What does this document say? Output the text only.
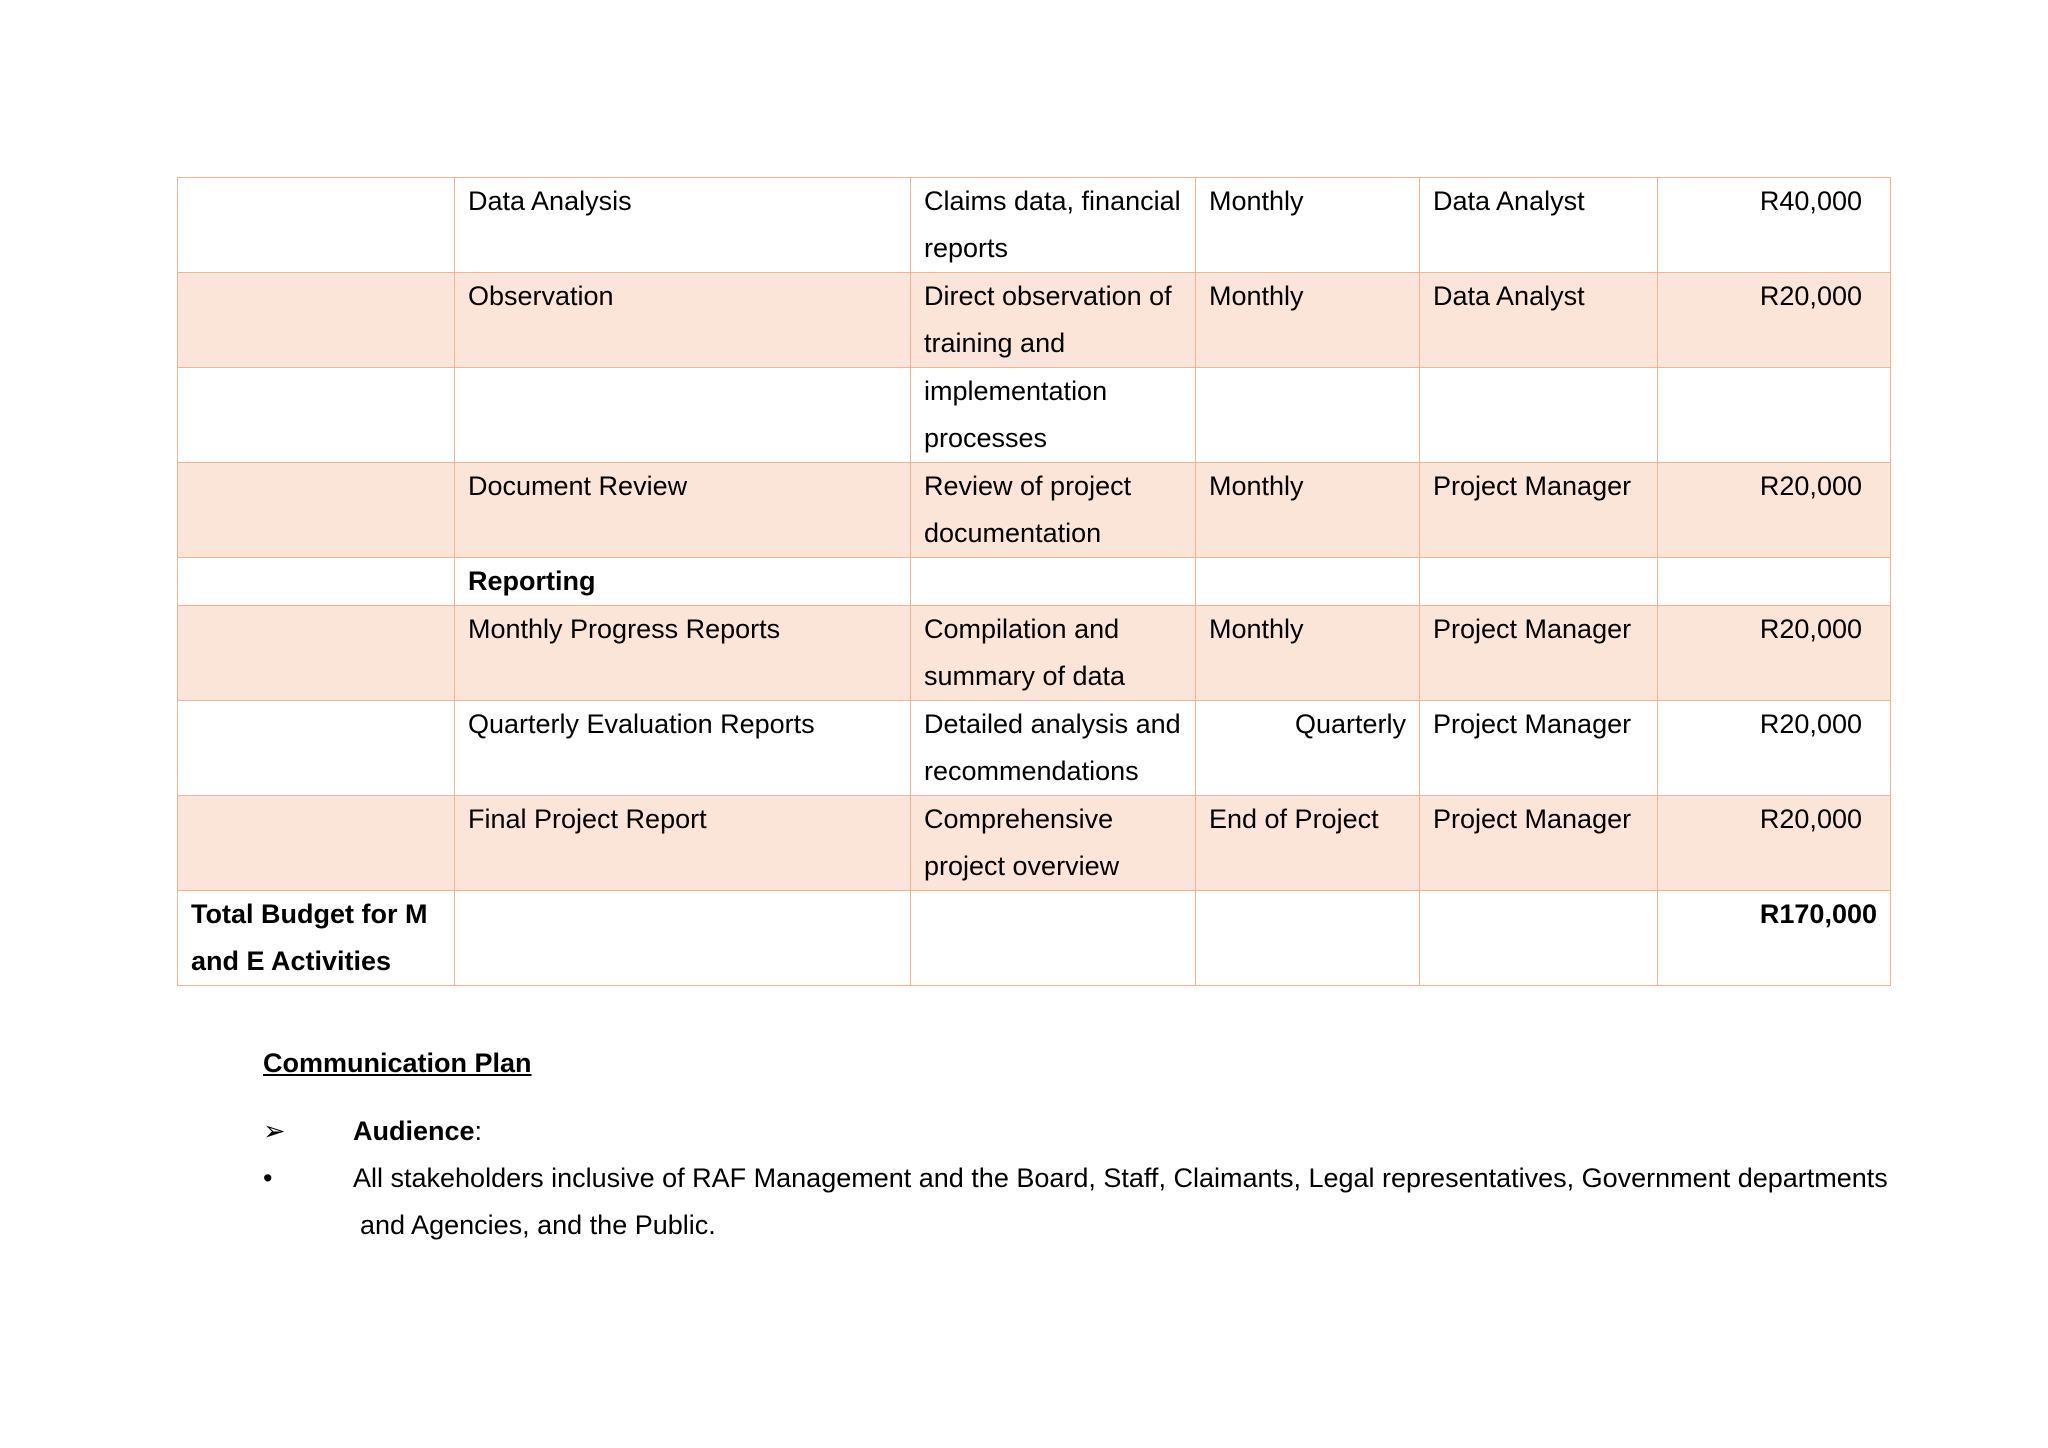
	Data Analysis	Claims data, financial reports	Monthly	Data Analyst	R40,000
	Observation	Direct observation of training and	Monthly	Data Analyst	R20,000
		implementation processes			
	Document Review	Review of project documentation	Monthly	Project Manager	R20,000
	Reporting				
	Monthly Progress Reports	Compilation and summary of data	Monthly	Project Manager	R20,000
	Quarterly Evaluation Reports	Detailed analysis and recommendations	Quarterly	Project Manager	R20,000
	Final Project Report	Comprehensive project overview	End of Project	Project Manager	R20,000
Total Budget for M and E Activities					R170,000
Communication Plan
➢	Audience:
•	All stakeholders inclusive of RAF Management and the Board, Staff, Claimants, Legal representatives, Government departments
and Agencies, and the Public.
